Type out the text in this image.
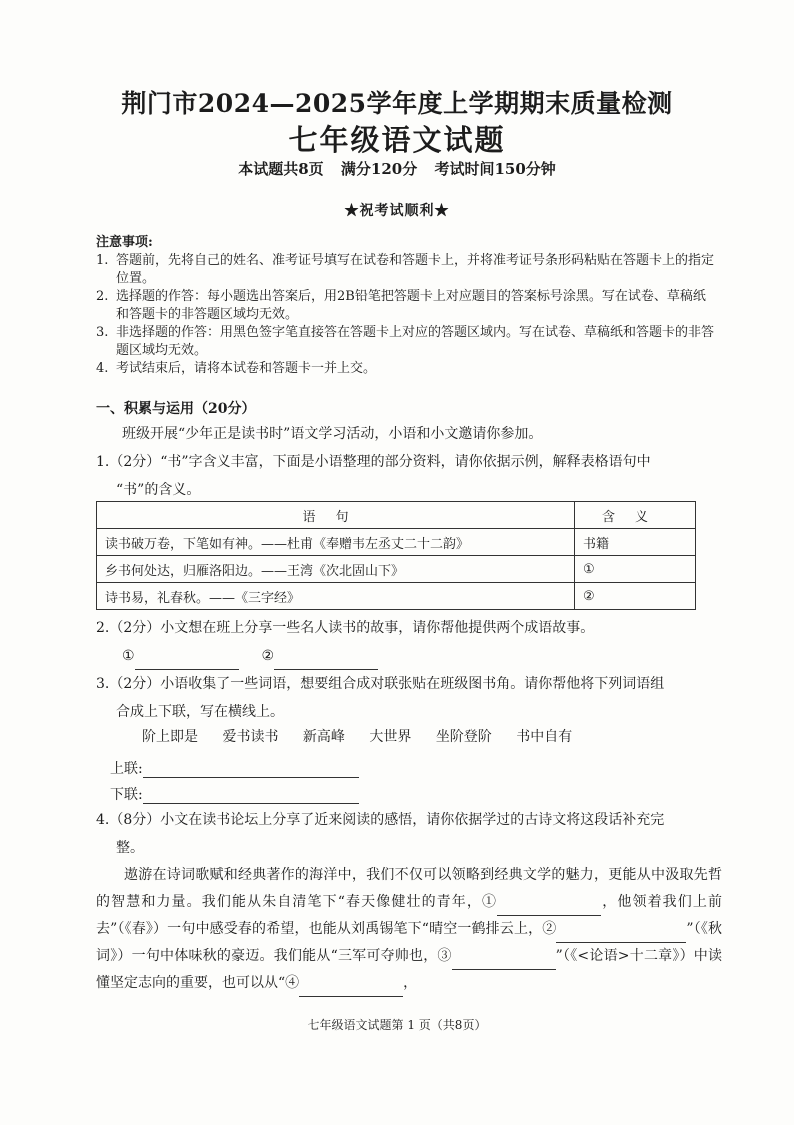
荆门市2024—2025学年度上学期期末质量检测
七年级语文试题
本试题共8页 满分120分 考试时间150分钟
★祝考试顺利★
注意事项:
1. 答题前，先将自己的姓名、准考证号填写在试卷和答题卡上，并将准考证号条形码粘贴在答题卡上的指定位置。
2. 选择题的作答：每小题选出答案后，用2B铅笔把答题卡上对应题目的答案标号涂黑。写在试卷、草稿纸和答题卡的非答题区域均无效。
3. 非选择题的作答：用黑色签字笔直接答在答题卡上对应的答题区域内。写在试卷、草稿纸和答题卡的非答题区域均无效。
4. 考试结束后，请将本试卷和答题卡一并上交。
一、积累与运用（20分）
班级开展“少年正是读书时”语文学习活动，小语和小文邀请你参加。
1.（2分）“书”字含义丰富，下面是小语整理的部分资料，请你依据示例，解释表格语句中
“书”的含义。
语句	含义
读书破万卷，下笔如有神。——杜甫《奉赠韦左丞丈二十二韵》	书籍
乡书何处达，归雁洛阳边。——王湾《次北固山下》	①
诗书易，礼春秋。——《三字经》	②
2.（2分）小文想在班上分享一些名人读书的故事，请你帮他提供两个成语故事。
①	②
3.（2分）小语收集了一些词语，想要组合成对联张贴在班级图书角。请你帮他将下列词语组
合成上下联，写在横线上。
阶上即是 爱书读书 新高峰 大世界 坐阶登阶 书中自有
上联:
下联:
4.（8分）小文在读书论坛上分享了近来阅读的感悟，请你依据学过的古诗文将这段话补充完
整。

遨游在诗词歌赋和经典著作的海洋中，我们不仅可以领略到经典文学的魅力，更能从中汲取先哲的智慧和力量。我们能从朱自清笔下“春天像健壮的青年，①	，他领着我们上前去”（《春》）一句中感受春的希望，也能从刘禹锡笔下“晴空一鹤排云上，②	”（《秋词》）一句中体味秋的豪迈。我们能从“三军可夺帅也，③	”（《<论语>十二章》）中读懂坚定志向的重要，也可以从“④	，

七年级语文试题第 1 页（共8页）
